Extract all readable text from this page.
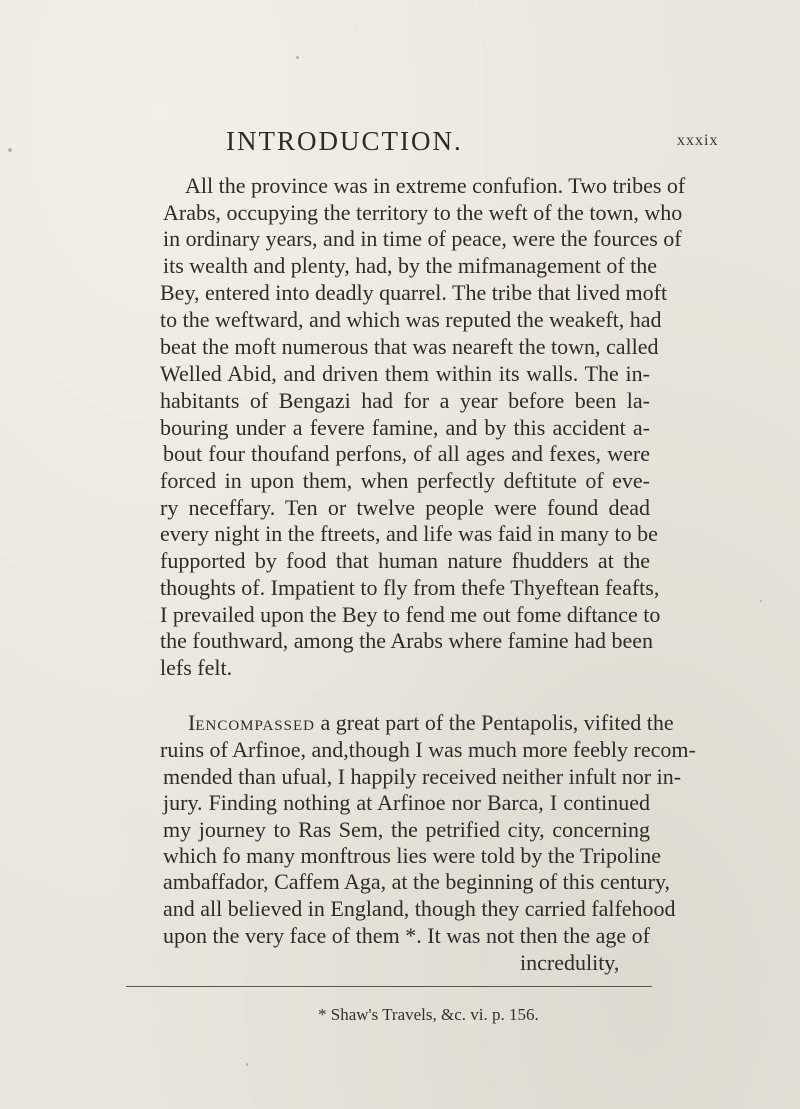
INTRODUCTION.	xxxix
All the province was in extreme confufion. Two tribes of
Arabs, occupying the territory to the weft of the town, who
in ordinary years, and in time of peace, were the fources of
its wealth and plenty, had, by the mifmanagement of the
Bey, entered into deadly quarrel. The tribe that lived moft
to the weftward, and which was reputed the weakeft, had
beat the moft numerous that was neareft the town, called
Welled Abid, and driven them within its walls. The in-
habitants of Bengazi had for a year before been la-
bouring under a fevere famine, and by this accident a-
bout four thoufand perfons, of all ages and fexes, were
forced in upon them, when perfectly deftitute of eve-
ry neceffary. Ten or twelve people were found dead
every night in the ftreets, and life was faid in many to be
fupported by food that human nature fhudders at the
thoughts of. Impatient to fly from thefe Thyeftean feafts,
I prevailed upon the Bey to fend me out fome diftance to
the fouthward, among the Arabs where famine had been
lefs felt.
Iencompassed a great part of the Pentapolis, vifited the
ruins of Arfinoe, and,though I was much more feebly recom-
mended than ufual, I happily received neither infult nor in-
jury. Finding nothing at Arfinoe nor Barca, I continued
my journey to Ras Sem, the petrified city, concerning
which fo many monftrous lies were told by the Tripoline
ambaffador, Caffem Aga, at the beginning of this century,
and all believed in England, though they carried falfehood
upon the very face of them *. It was not then the age of
* Shaw's Travels, &c. vi. p. 156.
incredulity,
